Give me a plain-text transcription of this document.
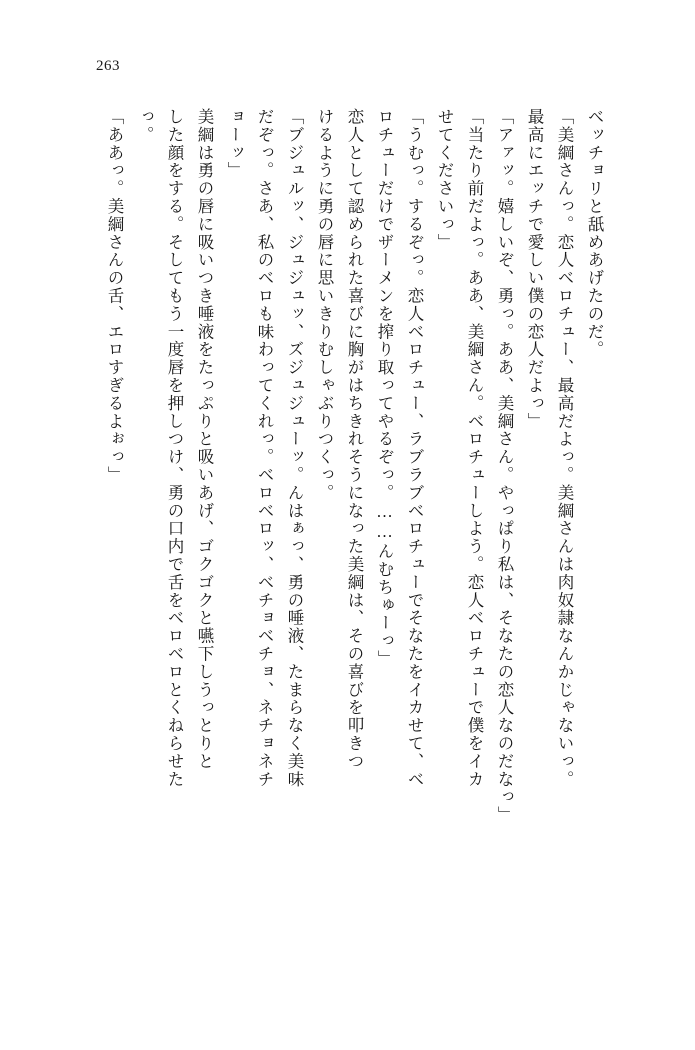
263
ベッチョリと舐めあげたのだ。
「美綱さんっ。恋人ベロチュー、最高だよっ。美綱さんは肉奴隷なんかじゃないっ。
最高にエッチで愛しい僕の恋人だよっ」
「アァッ。嬉しいぞ、勇っ。ああ、美綱さん。やっぱり私は、そなたの恋人なのだなっ」
「当たり前だよっ。ああ、美綱さん。ベロチューしよう。恋人ベロチューで僕をイカ
せてくださいっ」
「うむっ。するぞっ。恋人ベロチュー、ラブラブベロチューでそなたをイカせて、ベ
ロチューだけでザーメンを搾り取ってやるぞっ。……んむちゅーっ」
恋人として認められた喜びに胸がはちきれそうになった美綱は、その喜びを叩きつ
けるように勇の唇に思いきりむしゃぶりつくっ。
「ブジュルッ、ジュジュッ、ズジュジューッ。んはぁっ、勇の唾液、たまらなく美味
だぞっ。さあ、私のベロも味わってくれっ。ベロベロッ、ベチョベチョ、ネチョネチ
ョーッ」
美綱は勇の唇に吸いつき唾液をたっぷりと吸いあげ、ゴクゴクと嚥下しうっとりと
した顔をする。そしてもう一度唇を押しつけ、勇の口内で舌をベロベロとくねらせた
っ。
「ああっ。美綱さんの舌、エロすぎるよぉっ」
